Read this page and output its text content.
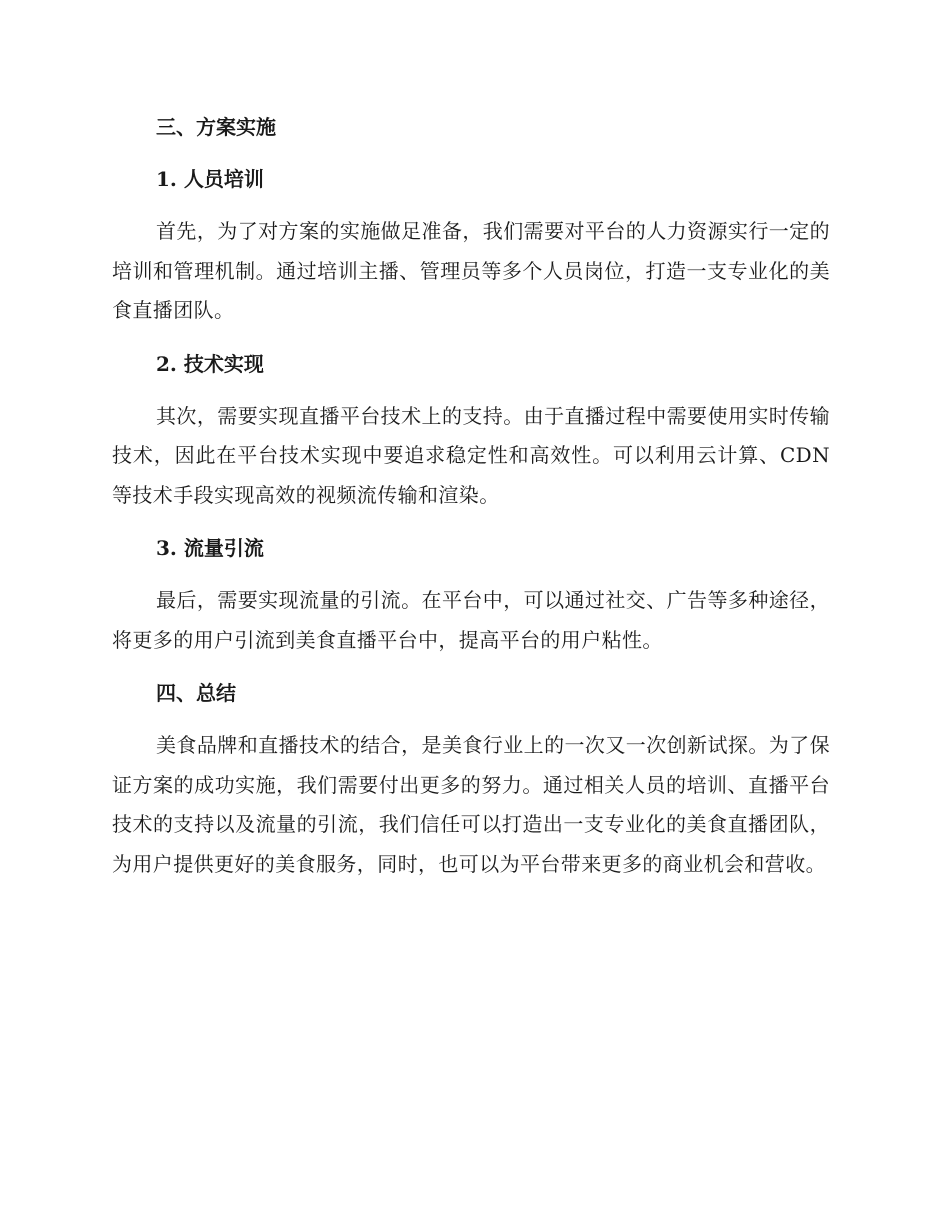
三、方案实施
1. 人员培训
首先，为了对方案的实施做足准备，我们需要对平台的人力资源实行一定的培训和管理机制。通过培训主播、管理员等多个人员岗位，打造一支专业化的美食直播团队。
2. 技术实现
其次，需要实现直播平台技术上的支持。由于直播过程中需要使用实时传输技术，因此在平台技术实现中要追求稳定性和高效性。可以利用云计算、CDN 等技术手段实现高效的视频流传输和渲染。
3. 流量引流
最后，需要实现流量的引流。在平台中，可以通过社交、广告等多种途径，将更多的用户引流到美食直播平台中，提高平台的用户粘性。
四、总结
美食品牌和直播技术的结合，是美食行业上的一次又一次创新试探。为了保证方案的成功实施，我们需要付出更多的努力。通过相关人员的培训、直播平台技术的支持以及流量的引流，我们信任可以打造出一支专业化的美食直播团队，为用户提供更好的美食服务，同时，也可以为平台带来更多的商业机会和营收。
